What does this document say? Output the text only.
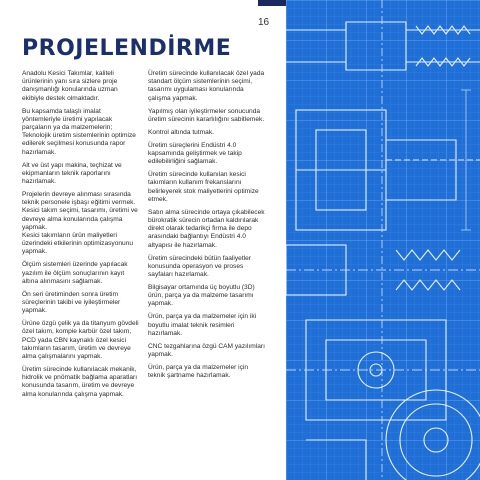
16
PROJELENDİRME

Anadolu Kesici Takımlar, kaliteli ürünlerinin yanı sıra sizlere proje danışmanlığı konularında uzman ekibiyle destek olmaktadır.

Bu kapsamda talaşlı imalat yöntemleriyle üretimi yapılacak parçaların ya da malzemelerin; Teknolojik üretim sistemlerinin optimize edilerek seçilmesi konusunda rapor hazırlamak.

Alt ve üst yapı makina, teçhizat ve ekipmanların teknik raporlarını hazırlamak.

Projelerin devreye alınması sırasında teknik personele işbaşı eğitimi vermek.

Kesici takım seçimi, tasarımı, üretimi ve devreye alma konularında çalışma yapmak.

Kesici takımların ürün maliyetleri üzerindeki etkilerinin optimizasyonunu yapmak.

Ölçüm sistemleri üzerinde yapılacak yazılım ile ölçüm sonuçlarının kayıt altına alınmasını sağlamak.

Ön seri üretiminden sonra üretim süreçlerinin takibi ve iyileştirmeler yapmak.

Ürüne özgü çelik ya da titanyum gövdeli özel takım, kompie karbür özel takım, PCD yada CBN kaynaklı özel kesici takımların tasarım, üretim ve devreye alma çalışmalarını yapmak.

Üretim sürecinde kullanılacak mekanik, hidrolik ve pnömatik bağlama aparatları konusunda tasarım, üretim ve devreye alma konularında çalışma yapmak.

Üretim sürecinde kullanılacak özel yada standart ölçüm sistemlerinin seçimi, tasarımı uygulaması konularında çalışma yapmak.

Yapılmış olan iyileştirmeler sonucunda üretim sürecinin kararlılığını sabitlemek.

Kontrol altında tutmak.

Üretim süreçlerini Endüstri 4.0 kapsamında geliştirmek ve takip edilebilirliğini sağlamak.

Üretim sürecinde kullanılan kesici takımların kullanım frekanslarını belirleyerek stok maliyetlerini optimize etmek.

Satın alma sürecinde ortaya çıkabilecek bürokratik sürecin ortadan kaldırılarak direkt olarak tedarikçi firma ile depo arasındaki bağlantıyı Endüstri 4.0 altyapısı ile hazırlamak.

Üretim sürecindeki bütün faaliyetler konusunda operasyon ve proses sayfaları hazırlamak.

Bilgisayar ortamında üç boyutlu (3D) ürün, parça ya da malzeme tasarımı yapmak.

Ürün, parça ya da malzemeler için iki boyutlu imalat teknik resimleri hazırlamak.

CNC tezgahlarına özgü CAM yazılımları yapmak.

Ürün, parça ya da malzemeler için teknik şartname hazırlamak.
